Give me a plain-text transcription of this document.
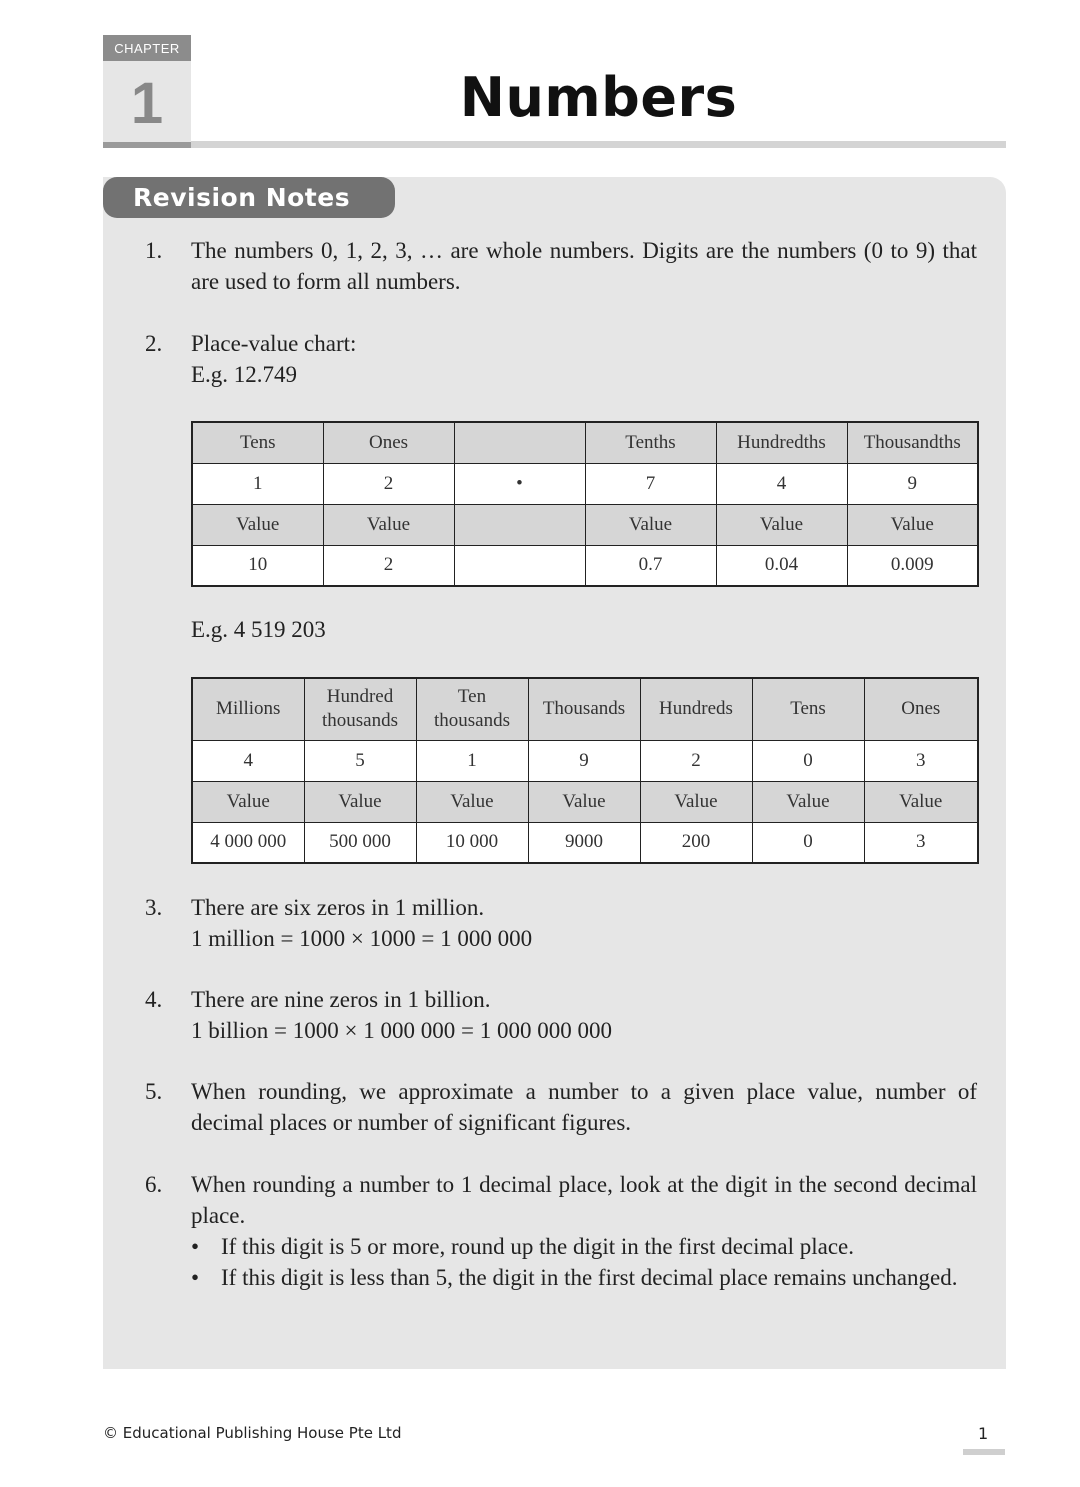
CHAPTER
1	Numbers
Revision Notes
1. The numbers 0, 1, 2, 3, … are whole numbers. Digits are the numbers (0 to 9) that are used to form all numbers.
2. Place-value chart:
E.g. 12.749
Tens	Ones		Tenths	Hundredths	Thousandths
1	2	•	7	4	9
Value	Value		Value	Value	Value
10	2		0.7	0.04	0.009
E.g. 4 519 203
Millions	Hundred thousands	Ten thousands	Thousands	Hundreds	Tens	Ones
4	5	1	9	2	0	3
Value	Value	Value	Value	Value	Value	Value
4 000 000	500 000	10 000	9000	200	0	3
3. There are six zeros in 1 million.
1 million = 1000 × 1000 = 1 000 000
4. There are nine zeros in 1 billion.
1 billion = 1000 × 1 000 000 = 1 000 000 000
5. When rounding, we approximate a number to a given place value, number of decimal places or number of significant figures.
6. When rounding a number to 1 decimal place, look at the digit in the second decimal place.
• If this digit is 5 or more, round up the digit in the first decimal place.
• If this digit is less than 5, the digit in the first decimal place remains unchanged.
© Educational Publishing House Pte Ltd	1
